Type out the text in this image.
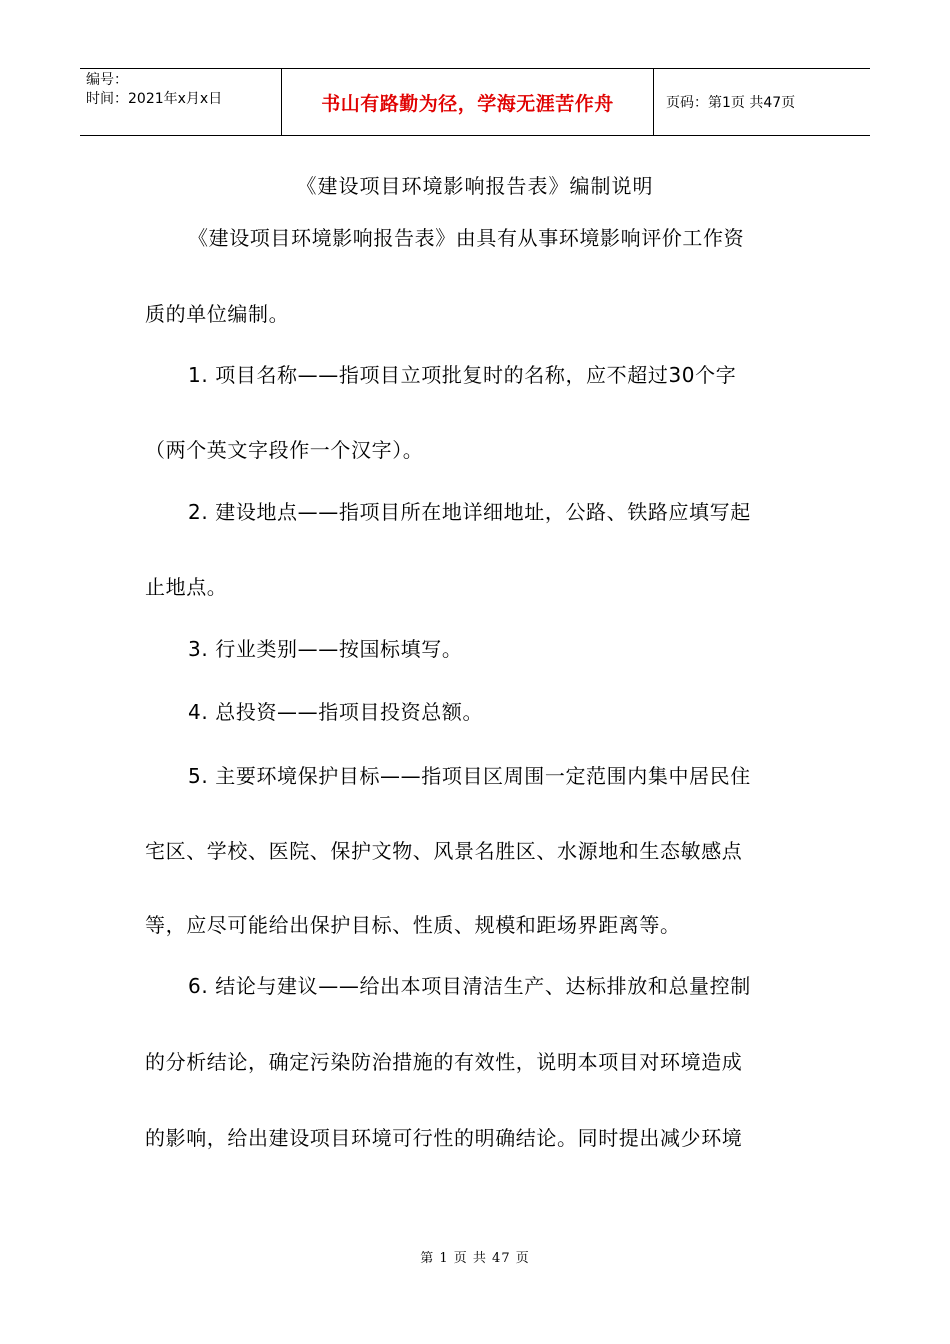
编号：
时间：2021年x月x日	书山有路勤为径，学海无涯苦作舟	页码：第1页 共47页
《建设项目环境影响报告表》编制说明
《建设项目环境影响报告表》由具有从事环境影响评价工作资
质的单位编制。
1. 项目名称——指项目立项批复时的名称，应不超过30个字
（两个英文字段作一个汉字）。
2. 建设地点——指项目所在地详细地址，公路、铁路应填写起
止地点。
3. 行业类别——按国标填写。
4. 总投资——指项目投资总额。
5. 主要环境保护目标——指项目区周围一定范围内集中居民住
宅区、学校、医院、保护文物、风景名胜区、水源地和生态敏感点
等，应尽可能给出保护目标、性质、规模和距场界距离等。
6. 结论与建议——给出本项目清洁生产、达标排放和总量控制
的分析结论，确定污染防治措施的有效性，说明本项目对环境造成
的影响，给出建设项目环境可行性的明确结论。同时提出减少环境
第 1 页 共 47 页
